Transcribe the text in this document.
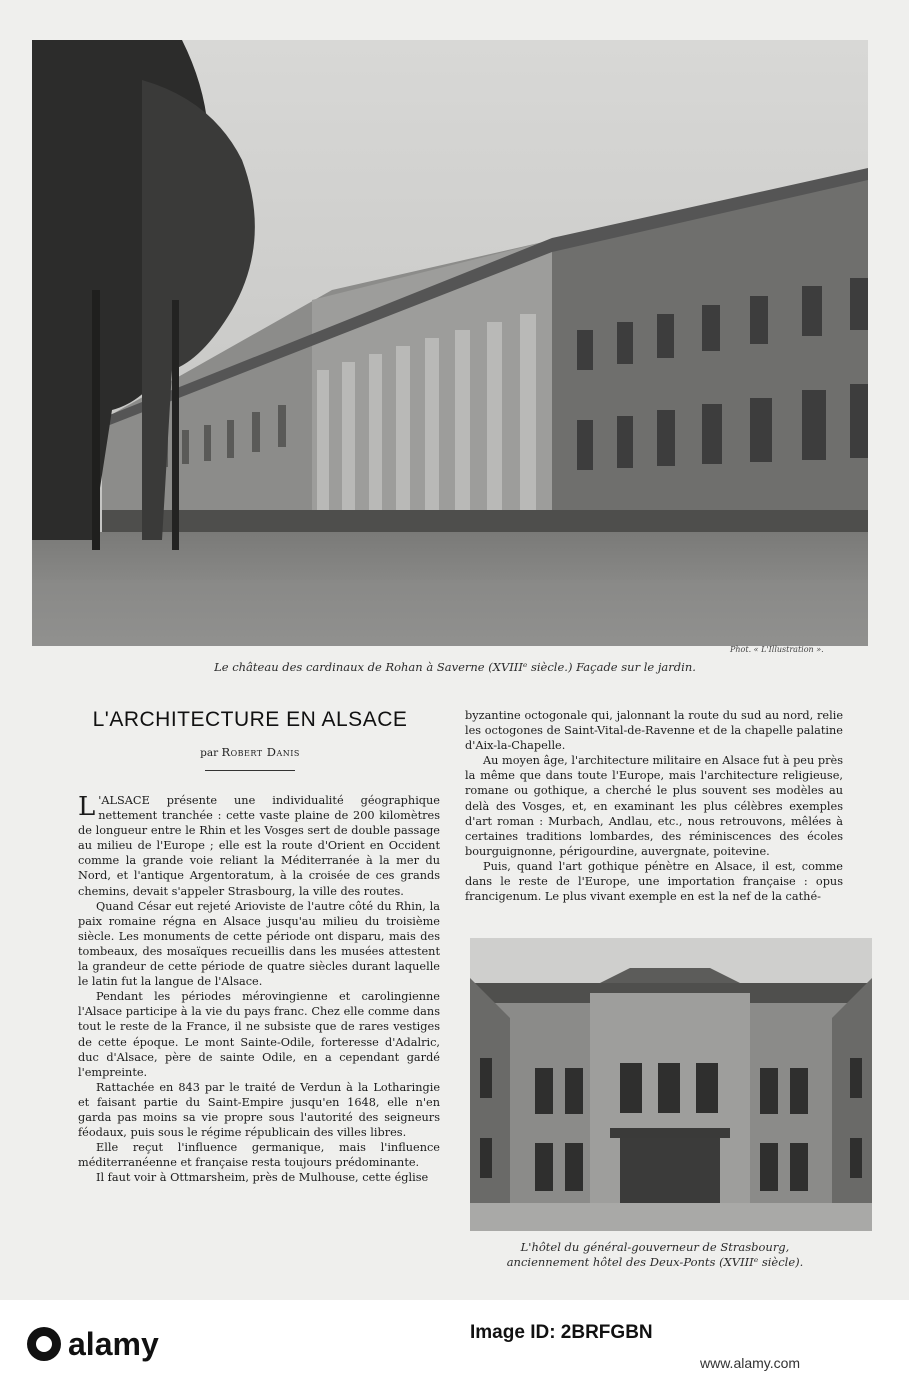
Phot. « L'Illustration ».
Le château des cardinaux de Rohan à Saverne (XVIIIᵉ siècle.) Façade sur le jardin.
L'ARCHITECTURE EN ALSACE
par Robert Danis

L 'ALSACE présente une individualité géographique nettement tranchée : cette vaste plaine de 200 kilomètres de longueur entre le Rhin et les Vosges sert de double passage au milieu de l'Europe ; elle est la route d'Orient en Occident comme la grande voie reliant la Méditerranée à la mer du Nord, et l'antique Argentoratum, à la croisée de ces grands chemins, devait s'appeler Strasbourg, la ville des routes.

Quand César eut rejeté Arioviste de l'autre côté du Rhin, la paix romaine régna en Alsace jusqu'au milieu du troisième siècle. Les monuments de cette période ont disparu, mais des tombeaux, des mosaïques recueillis dans les musées attestent la grandeur de cette période de quatre siècles durant laquelle le latin fut la langue de l'Alsace.

Pendant les périodes mérovingienne et carolingienne l'Alsace participe à la vie du pays franc. Chez elle comme dans tout le reste de la France, il ne subsiste que de rares vestiges de cette époque. Le mont Sainte-Odile, forteresse d'Adalric, duc d'Alsace, père de sainte Odile, en a cependant gardé l'empreinte.

Rattachée en 843 par le traité de Verdun à la Lotharingie et faisant partie du Saint-Empire jusqu'en 1648, elle n'en garda pas moins sa vie propre sous l'autorité des seigneurs féodaux, puis sous le régime républicain des villes libres.

Elle reçut l'influence germanique, mais l'influence méditerranéenne et française resta toujours prédominante.

Il faut voir à Ottmarsheim, près de Mulhouse, cette église

byzantine octogonale qui, jalonnant la route du sud au nord, relie les octogones de Saint-Vital-de-Ravenne et de la chapelle palatine d'Aix-la-Chapelle.

Au moyen âge, l'architecture militaire en Alsace fut à peu près la même que dans toute l'Europe, mais l'architecture religieuse, romane ou gothique, a cherché le plus souvent ses modèles au delà des Vosges, et, en examinant les plus célèbres exemples d'art roman : Murbach, Andlau, etc., nous retrouvons, mêlées à certaines traditions lombardes, des réminiscences des écoles bourguignonne, périgourdine, auvergnate, poitevine.

Puis, quand l'art gothique pénètre en Alsace, il est, comme dans le reste de l'Europe, une importation française : opus francigenum. Le plus vivant exemple en est la nef de la cathé-

L'hôtel du général-gouverneur de Strasbourg,
anciennement hôtel des Deux-Ponts (XVIIIᵉ siècle).
alamy	Image ID: 2BRFGBN
www.alamy.com
